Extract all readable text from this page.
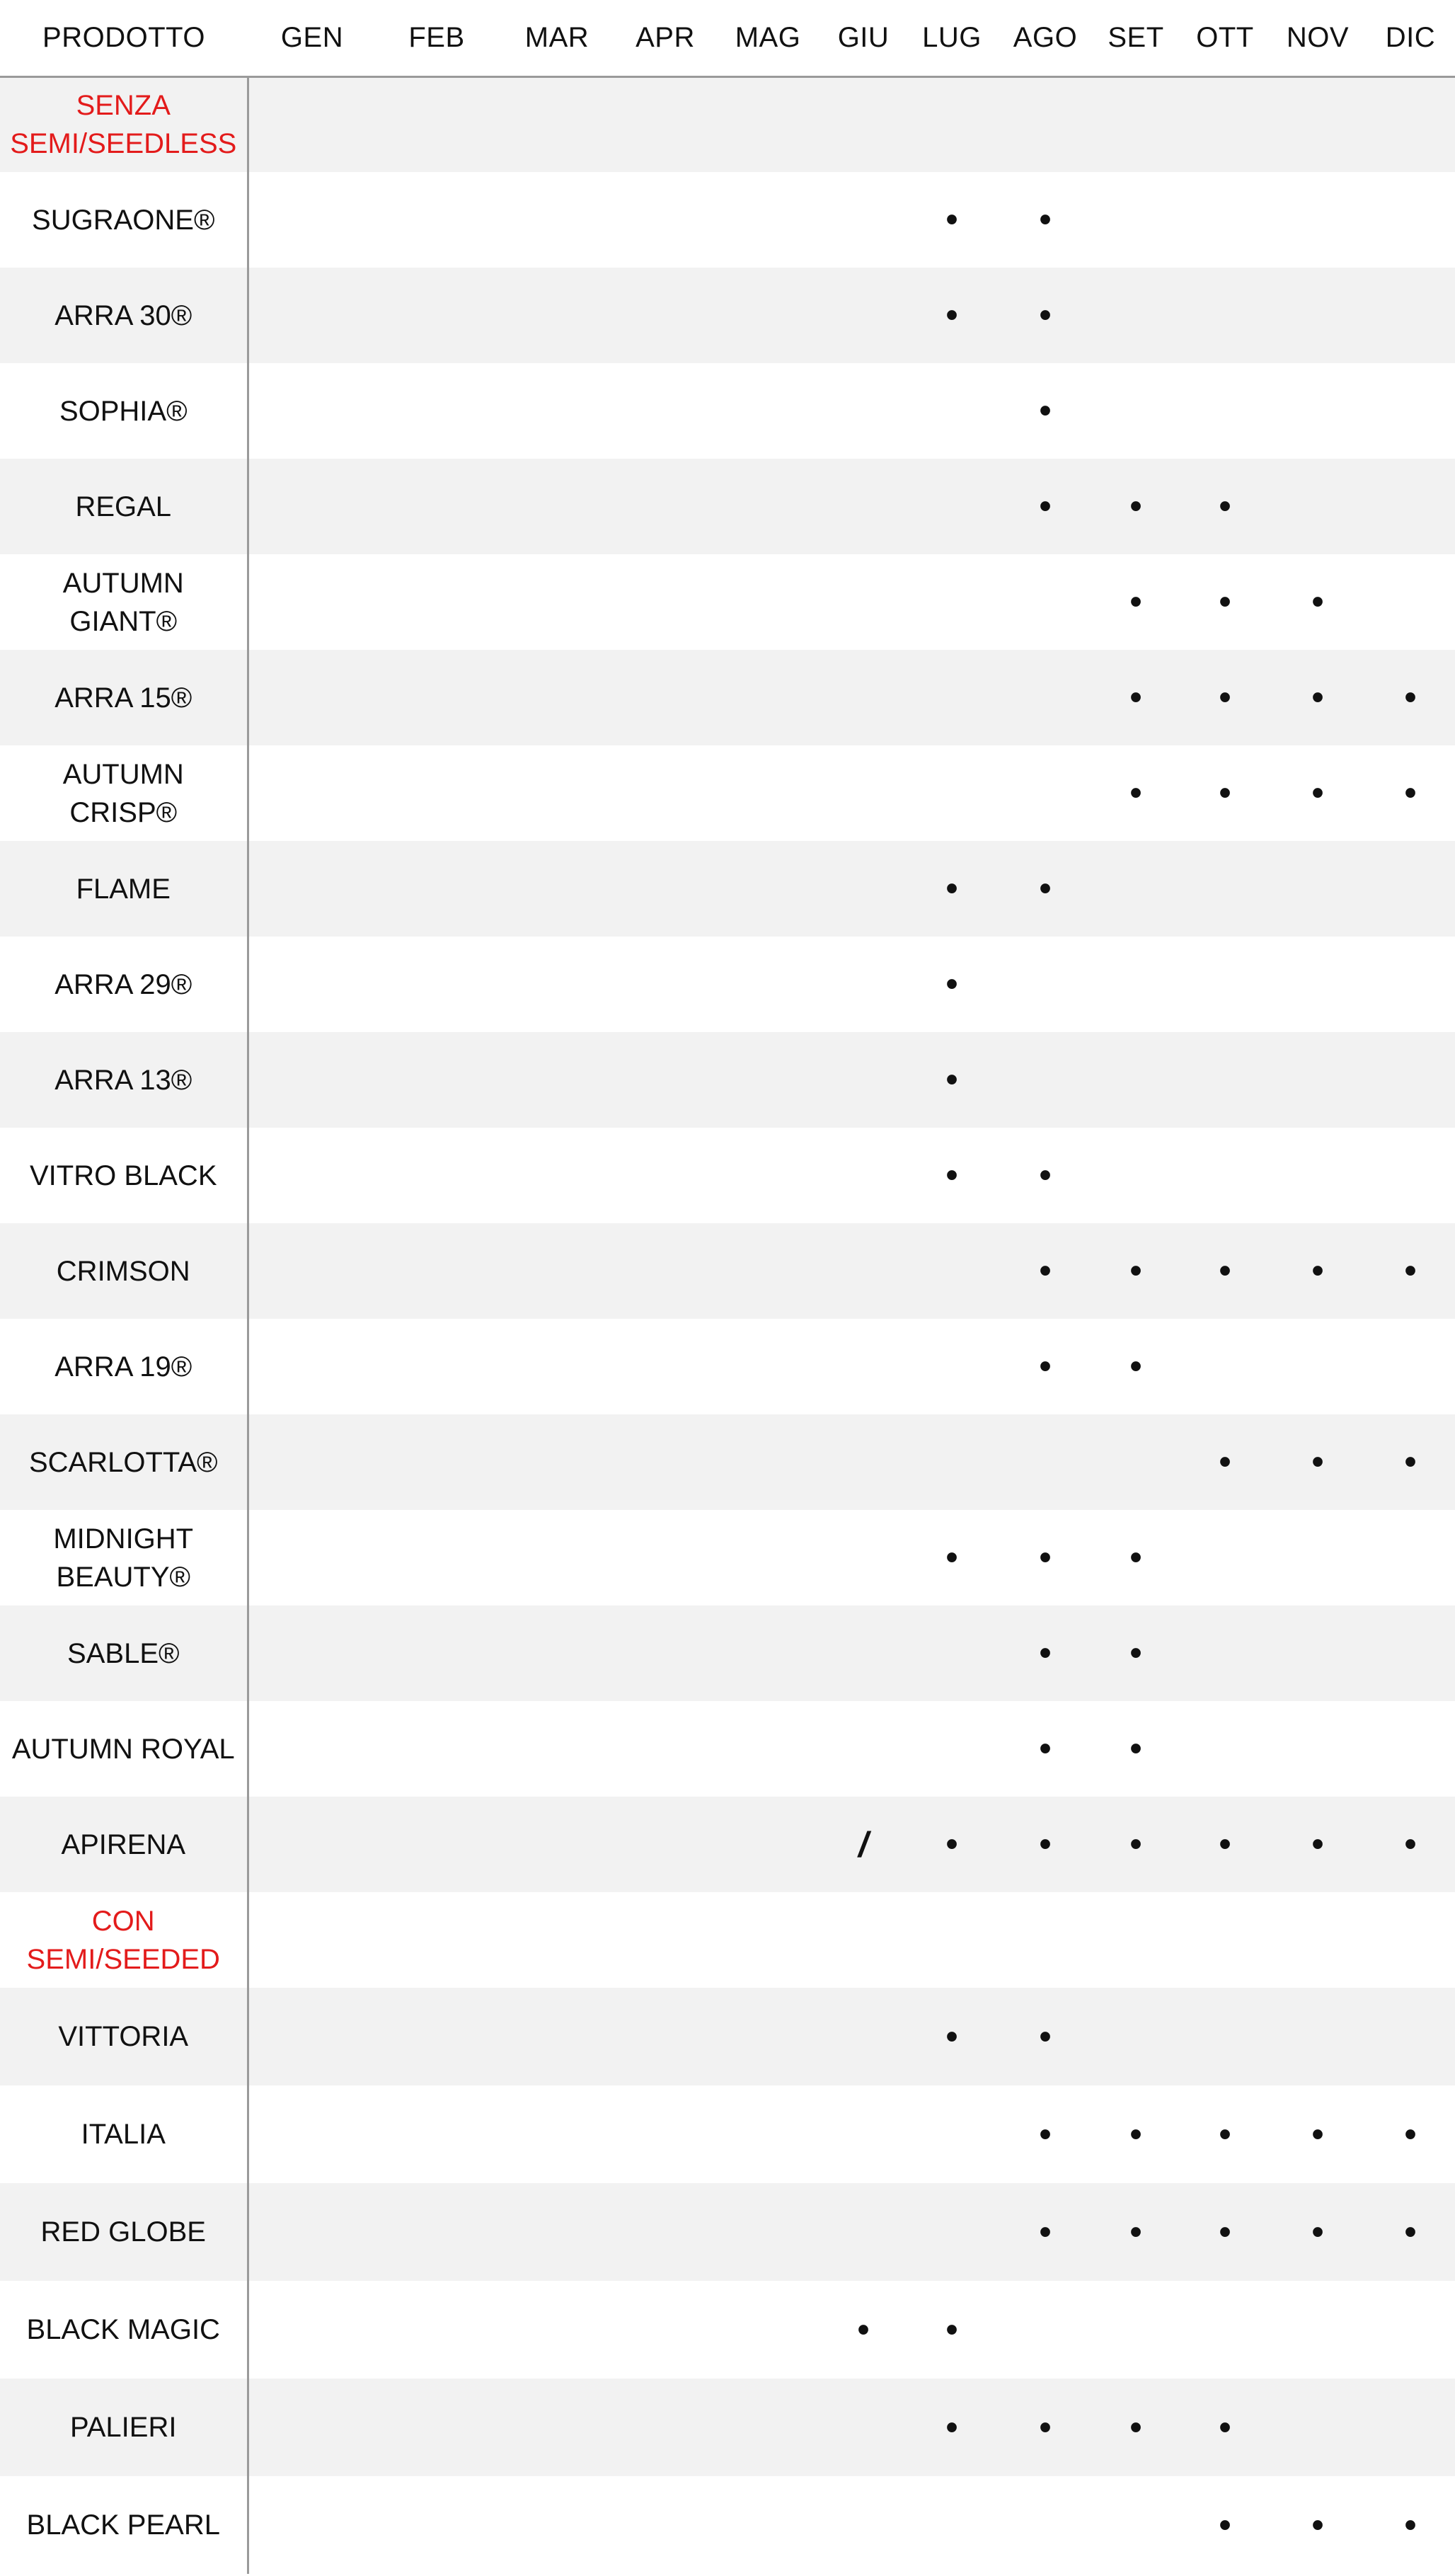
PRODOTTO	GEN	FEB	MAR	APR	MAG	GIU	LUG	AGO	SET	OTT	NOV	DIC
SENZA SEMI/SEEDLESS												
SUGRAONE®							•	•				
ARRA 30®							•	•				
SOPHIA®								•				
REGAL								•	•	•		
AUTUMN GIANT®									•	•	•	
ARRA 15®									•	•	•	•
AUTUMN CRISP®									•	•	•	•
FLAME							•	•				
ARRA 29®							•					
ARRA 13®							•					
VITRO BLACK							•	•				
CRIMSON								•	•	•	•	•
ARRA 19®								•	•			
SCARLOTTA®										•	•	•
MIDNIGHT BEAUTY®							•	•	•			
SABLE®								•	•			
AUTUMN ROYAL								•	•			
APIRENA						/	•	•	•	•	•	•
CON SEMI/SEEDED												
VITTORIA							•	•				
ITALIA								•	•	•	•	•
RED GLOBE								•	•	•	•	•
BLACK MAGIC						•	•					
PALIERI							•	•	•	•		
BLACK PEARL										•	•	•
